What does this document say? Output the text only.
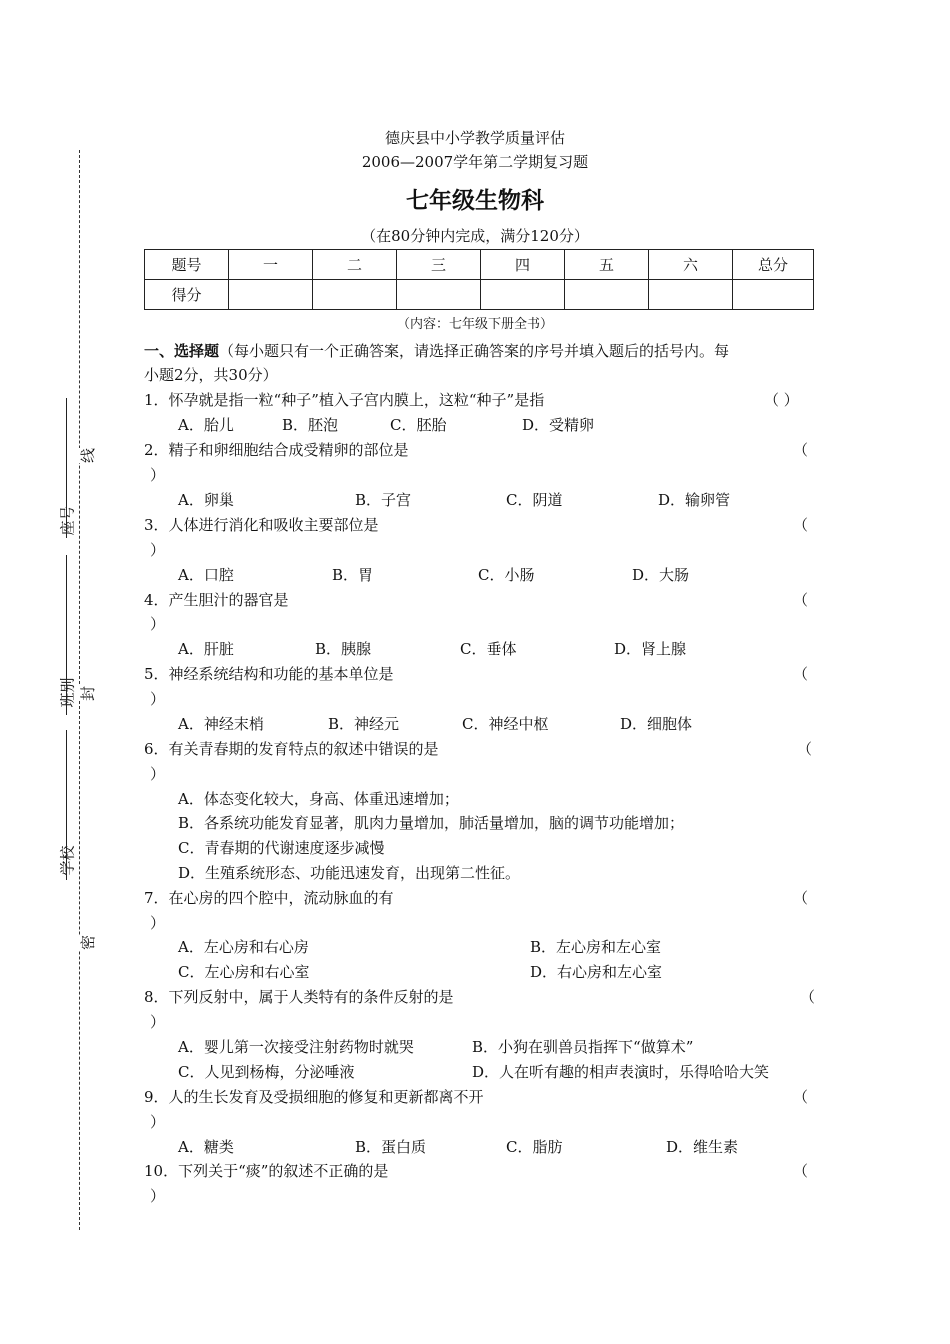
座号
班别
学校
线
封
密
德庆县中小学教学质量评估
2006—2007学年第二学期复习题
七年级生物科
（在80分钟内完成，满分120分）
题号	一	二	三	四	五	六	总分
得分							
（内容：七年级下册全书）
一、选择题（每小题只有一个正确答案，请选择正确答案的序号并填入题后的括号内。每
小题2分，共30分）
1．怀孕就是指一粒“种子”植入子宫内膜上，这粒“种子”是指	（ ）
A．胎儿	B．胚泡	C．胚胎	D．受精卵
2．精子和卵细胞结合成受精卵的部位是	（
）
A．卵巢	B．子宫	C．阴道	D．输卵管
3．人体进行消化和吸收主要部位是	（
）
A．口腔	B．胃	C．小肠	D．大肠
4．产生胆汁的器官是	（
）
A．肝脏	B．胰腺	C．垂体	D．肾上腺
5．神经系统结构和功能的基本单位是	（
）
A．神经末梢	B．神经元	C．神经中枢	D．细胞体
6．有关青春期的发育特点的叙述中错误的是	（
）
A．体态变化较大，身高、体重迅速增加；
B．各系统功能发育显著，肌肉力量增加，肺活量增加，脑的调节功能增加；
C．青春期的代谢速度逐步减慢
D．生殖系统形态、功能迅速发育，出现第二性征。
7．在心房的四个腔中，流动脉血的有	（
）
A．左心房和右心房	B．左心房和左心室
C．左心房和右心室	D．右心房和左心室
8．下列反射中，属于人类特有的条件反射的是	（
）
A．婴儿第一次接受注射药物时就哭	B．小狗在驯兽员指挥下“做算术”
C．人见到杨梅，分泌唾液	D．人在听有趣的相声表演时，乐得哈哈大笑
9．人的生长发育及受损细胞的修复和更新都离不开	（
）
A．糖类	B．蛋白质	C．脂肪	D．维生素
10．下列关于“痰”的叙述不正确的是	（
）
